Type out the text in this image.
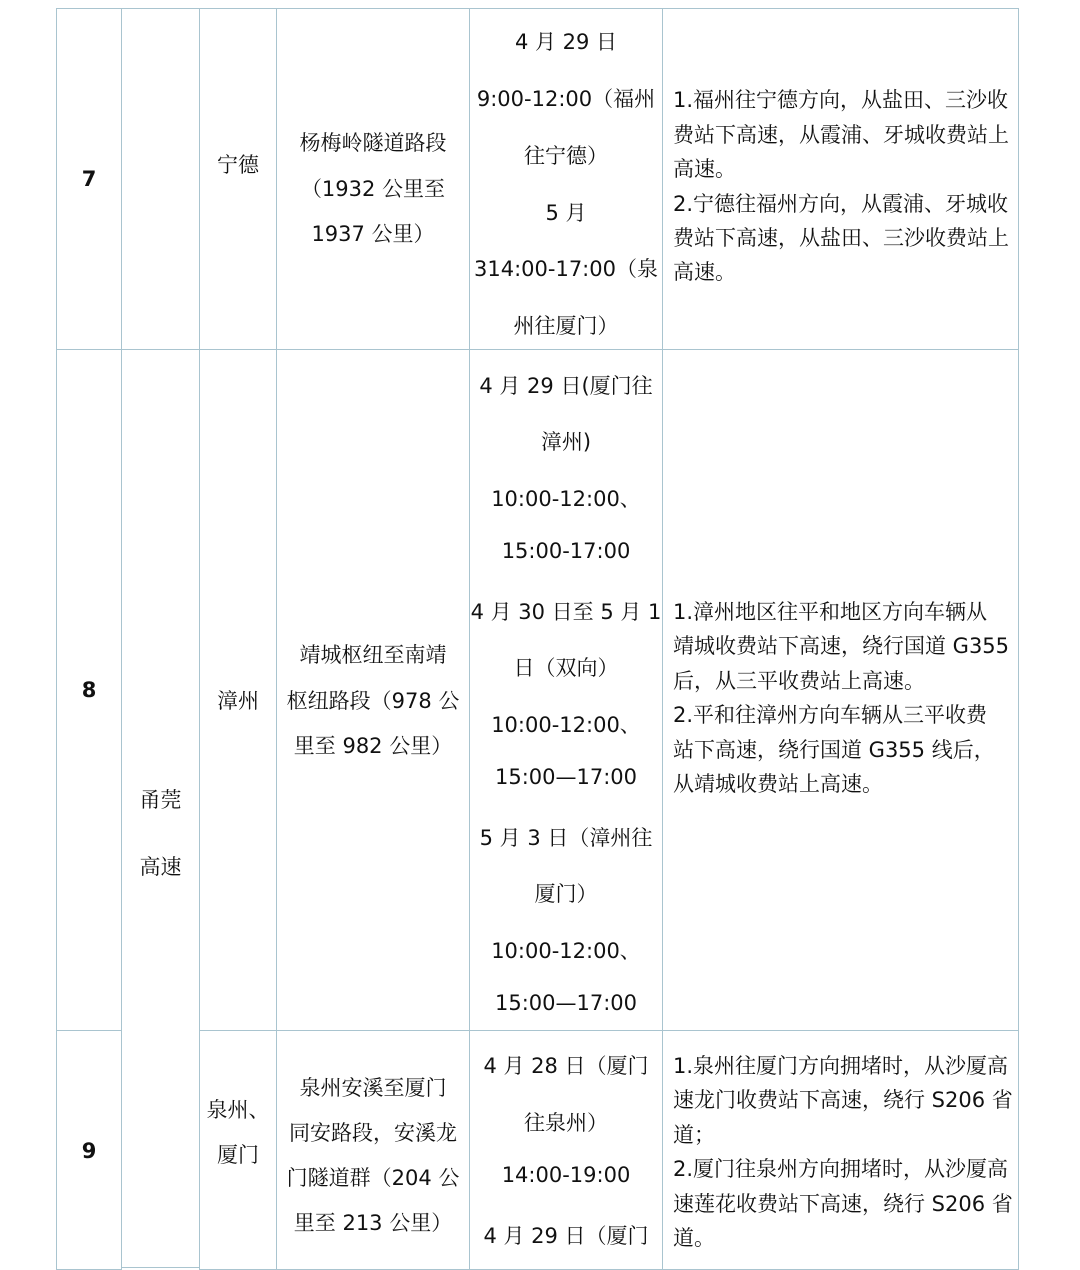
7
宁德
杨梅岭隧道路段
（1932 公里至
1937 公里）
4 月 29 日
9:00-12:00（福州
往宁德）
5 月
314:00-17:00（泉
州往厦门）
1.福州往宁德方向，从盐田、三沙收
费站下高速，从霞浦、牙城收费站上
高速。
2.宁德往福州方向，从霞浦、牙城收
费站下高速，从盐田、三沙收费站上
高速。
8	漳州
靖城枢纽至南靖
枢纽路段（978 公
里至 982 公里）
4 月 29 日(厦门往
漳州)
10:00-12:00、
15:00-17:00
4 月 30 日至 5 月 1
日（双向）
10:00-12:00、
15:00—17:00
5 月 3 日（漳州往
厦门）
10:00-12:00、
15:00—17:00
1.漳州地区往平和地区方向车辆从
靖城收费站下高速，绕行国道 G355
后，从三平收费站上高速。
2.平和往漳州方向车辆从三平收费
站下高速，绕行国道 G355 线后，
从靖城收费站上高速。
甬莞
高速
9
泉州、
厦门
泉州安溪至厦门
同安路段，安溪龙
门隧道群（204 公
里至 213 公里）
4 月 28 日（厦门
往泉州）
14:00-19:00
4 月 29 日（厦门
1.泉州往厦门方向拥堵时，从沙厦高
速龙门收费站下高速，绕行 S206 省
道；
2.厦门往泉州方向拥堵时，从沙厦高
速莲花收费站下高速，绕行 S206 省
道。
